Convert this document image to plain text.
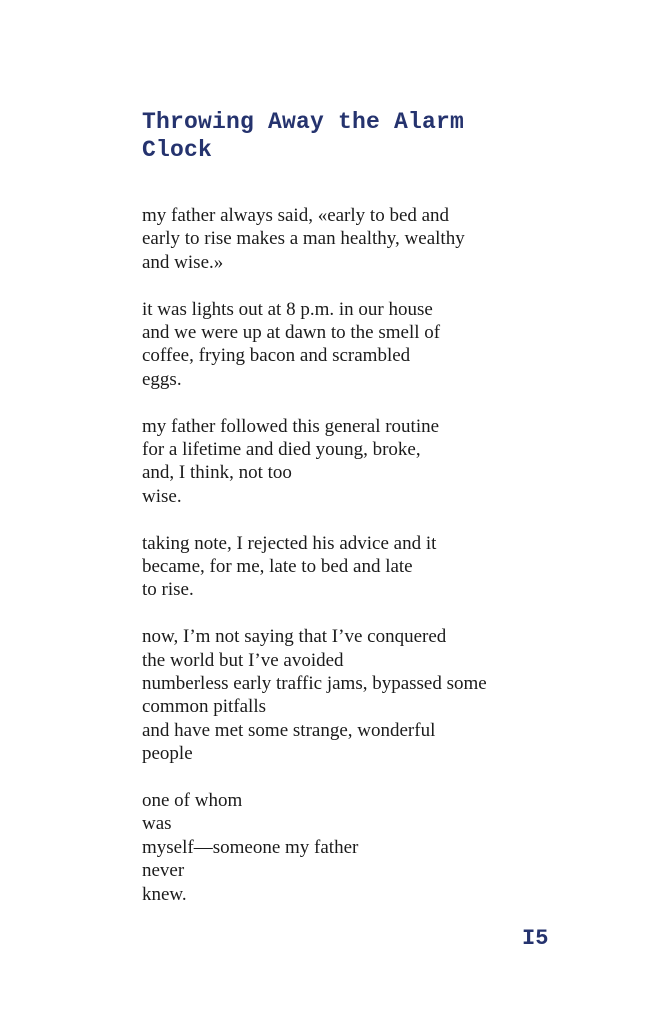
Throwing Away the Alarm
Clock

my father always said, «early to bed and
early to rise makes a man healthy, wealthy
and wise.»

it was lights out at 8 p.m. in our house
and we were up at dawn to the smell of
coffee, frying bacon and scrambled
eggs.

my father followed this general routine
for a lifetime and died young, broke,
and, I think, not too
wise.

taking note, I rejected his advice and it
became, for me, late to bed and late
to rise.

now, I’m not saying that I’ve conquered
the world but I’ve avoided
numberless early traffic jams, bypassed some
common pitfalls
and have met some strange, wonderful
people

one of whom
was
myself—someone my father
never
knew.

I5
